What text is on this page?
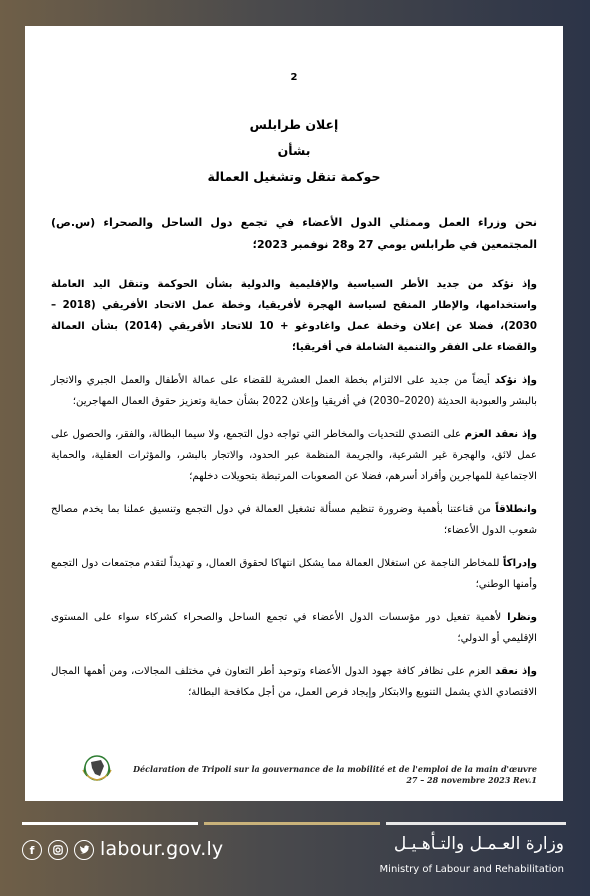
2
إعلان طرابلس
بشأن
حوكمة تنقل وتشغيل العمالة

نحن وزراء العمل وممثلي الدول الأعضاء في تجمع دول الساحل والصحراء (س.ص) المجتمعين في طرابلس يومي 27 و28 نوفمبر 2023؛

وإذ نؤكد من جديد الأطر السياسية والإقليمية والدولية بشأن الحوكمة وتنقل اليد العاملة واستخدامها، والإطار المنقح لسياسة الهجرة لأفريقيا، وخطة عمل الاتحاد الأفريقي (2018 – 2030)، فضلا عن إعلان وخطة عمل واغادوغو + 10 للاتحاد الأفريقي (2014) بشأن العمالة والقضاء على الفقر والتنمية الشاملة في أفريقيا؛

وإذ نؤكد أيضاً من جديد على الالتزام بخطة العمل العشرية للقضاء على عمالة الأطفال والعمل الجبري والاتجار بالبشر والعبودية الحديثة (2020–2030) في أفريقيا وإعلان 2022 بشأن حماية وتعزيز حقوق العمال المهاجرين؛

وإذ نعقد العزم على التصدي للتحديات والمخاطر التي تواجه دول التجمع، ولا سيما البطالة، والفقر، والحصول على عمل لائق، والهجرة غير الشرعية، والجريمة المنظمة عبر الحدود، والاتجار بالبشر، والمؤثرات العقلية، والحماية الاجتماعية للمهاجرين وأفراد أسرهم، فضلا عن الصعوبات المرتبطة بتحويلات دخلهم؛

وانطلاقاً من قناعتنا بأهمية وضرورة تنظيم مسألة تشغيل العمالة في دول التجمع وتنسيق عملنا بما يخدم مصالح شعوب الدول الأعضاء؛

وإدراكاً للمخاطر الناجمة عن استغلال العمالة مما يشكل انتهاكا لحقوق العمال، و تهديداً لتقدم مجتمعات دول التجمع وأمنها الوطني؛

ونظرا لأهمية تفعيل دور مؤسسات الدول الأعضاء في تجمع الساحل والصحراء كشركاء سواء على المستوى الإقليمي أو الدولي؛

وإذ نعقد العزم على تظافر كافة جهود الدول الأعضاء وتوحيد أطر التعاون في مختلف المجالات، ومن أهمها المجال الاقتصادي الذي يشمل التنويع والابتكار وإيجاد فرص العمل، من أجل مكافحة البطالة؛

Déclaration de Tripoli sur la gouvernance de la mobilité et de l'emploi de la main d'œuvre
27 – 28 novembre 2023 Rev.1
f	labour.gov.ly	وزارة العـمـل والتـأهـيـل
Ministry of Labour and Rehabilitation
